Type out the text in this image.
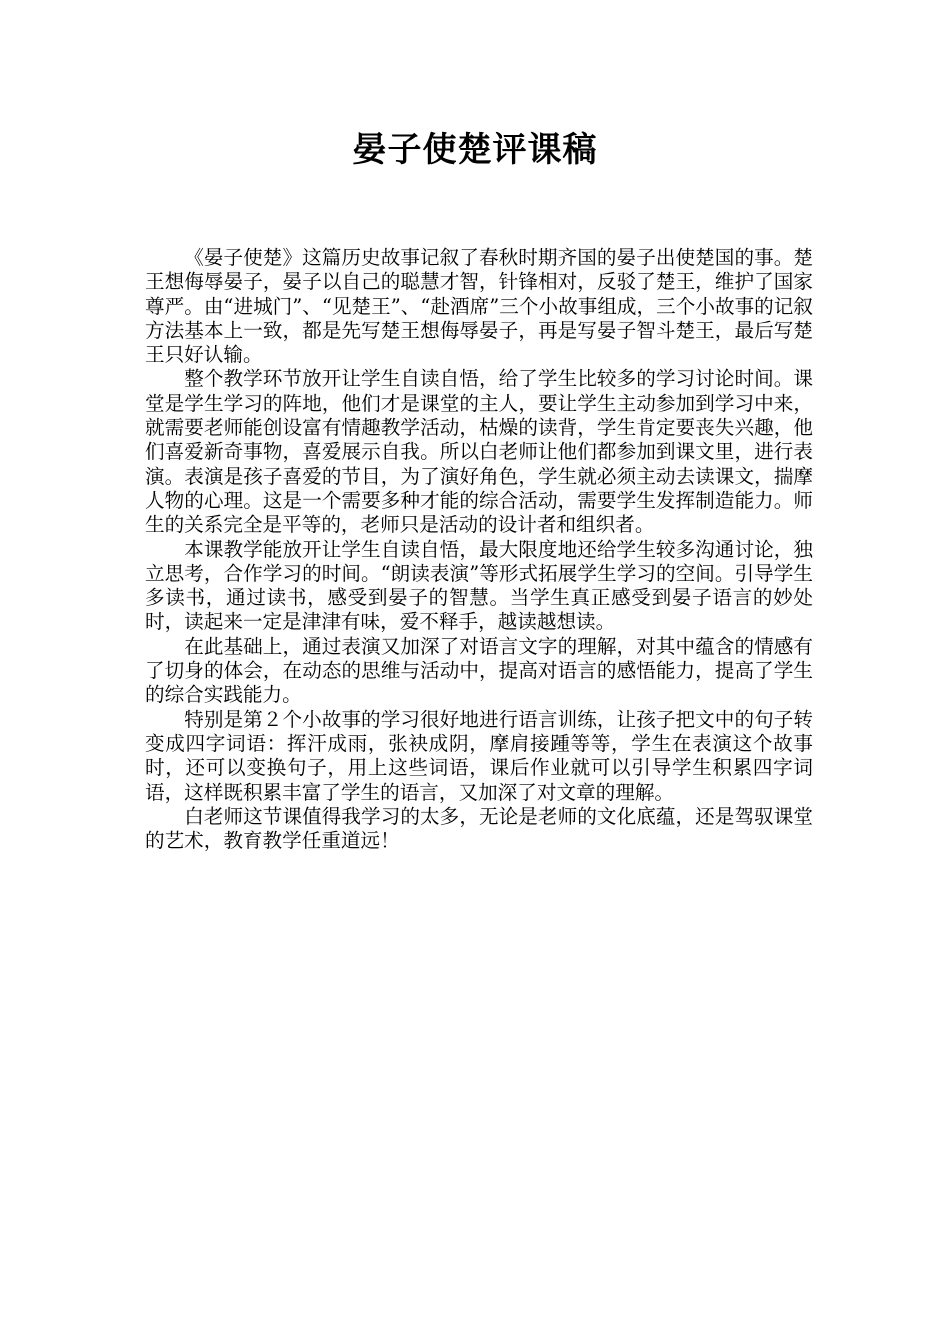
晏子使楚评课稿

《晏子使楚》这篇历史故事记叙了春秋时期齐国的晏子出使楚国的事。楚王想侮辱晏子，晏子以自己的聪慧才智，针锋相对，反驳了楚王，维护了国家尊严。由“进城门”、“见楚王”、“赴酒席”三个小故事组成，三个小故事的记叙方法基本上一致，都是先写楚王想侮辱晏子，再是写晏子智斗楚王，最后写楚王只好认输。

整个教学环节放开让学生自读自悟，给了学生比较多的学习讨论时间。课堂是学生学习的阵地，他们才是课堂的主人，要让学生主动参加到学习中来，就需要老师能创设富有情趣教学活动，枯燥的读背，学生肯定要丧失兴趣，他们喜爱新奇事物，喜爱展示自我。所以白老师让他们都参加到课文里，进行表演。表演是孩子喜爱的节目，为了演好角色，学生就必须主动去读课文，揣摩人物的心理。这是一个需要多种才能的综合活动，需要学生发挥制造能力。师生的关系完全是平等的，老师只是活动的设计者和组织者。

本课教学能放开让学生自读自悟，最大限度地还给学生较多沟通讨论，独立思考，合作学习的时间。“朗读表演”等形式拓展学生学习的空间。引导学生多读书，通过读书，感受到晏子的智慧。当学生真正感受到晏子语言的妙处时，读起来一定是津津有味，爱不释手，越读越想读。

在此基础上，通过表演又加深了对语言文字的理解，对其中蕴含的情感有了切身的体会，在动态的思维与活动中，提高对语言的感悟能力，提高了学生的综合实践能力。

特别是第２个小故事的学习很好地进行语言训练，让孩子把文中的句子转变成四字词语：挥汗成雨，张袂成阴，摩肩接踵等等，学生在表演这个故事时，还可以变换句子，用上这些词语，课后作业就可以引导学生积累四字词语，这样既积累丰富了学生的语言，又加深了对文章的理解。

白老师这节课值得我学习的太多，无论是老师的文化底蕴，还是驾驭课堂的艺术，教育教学任重道远！
